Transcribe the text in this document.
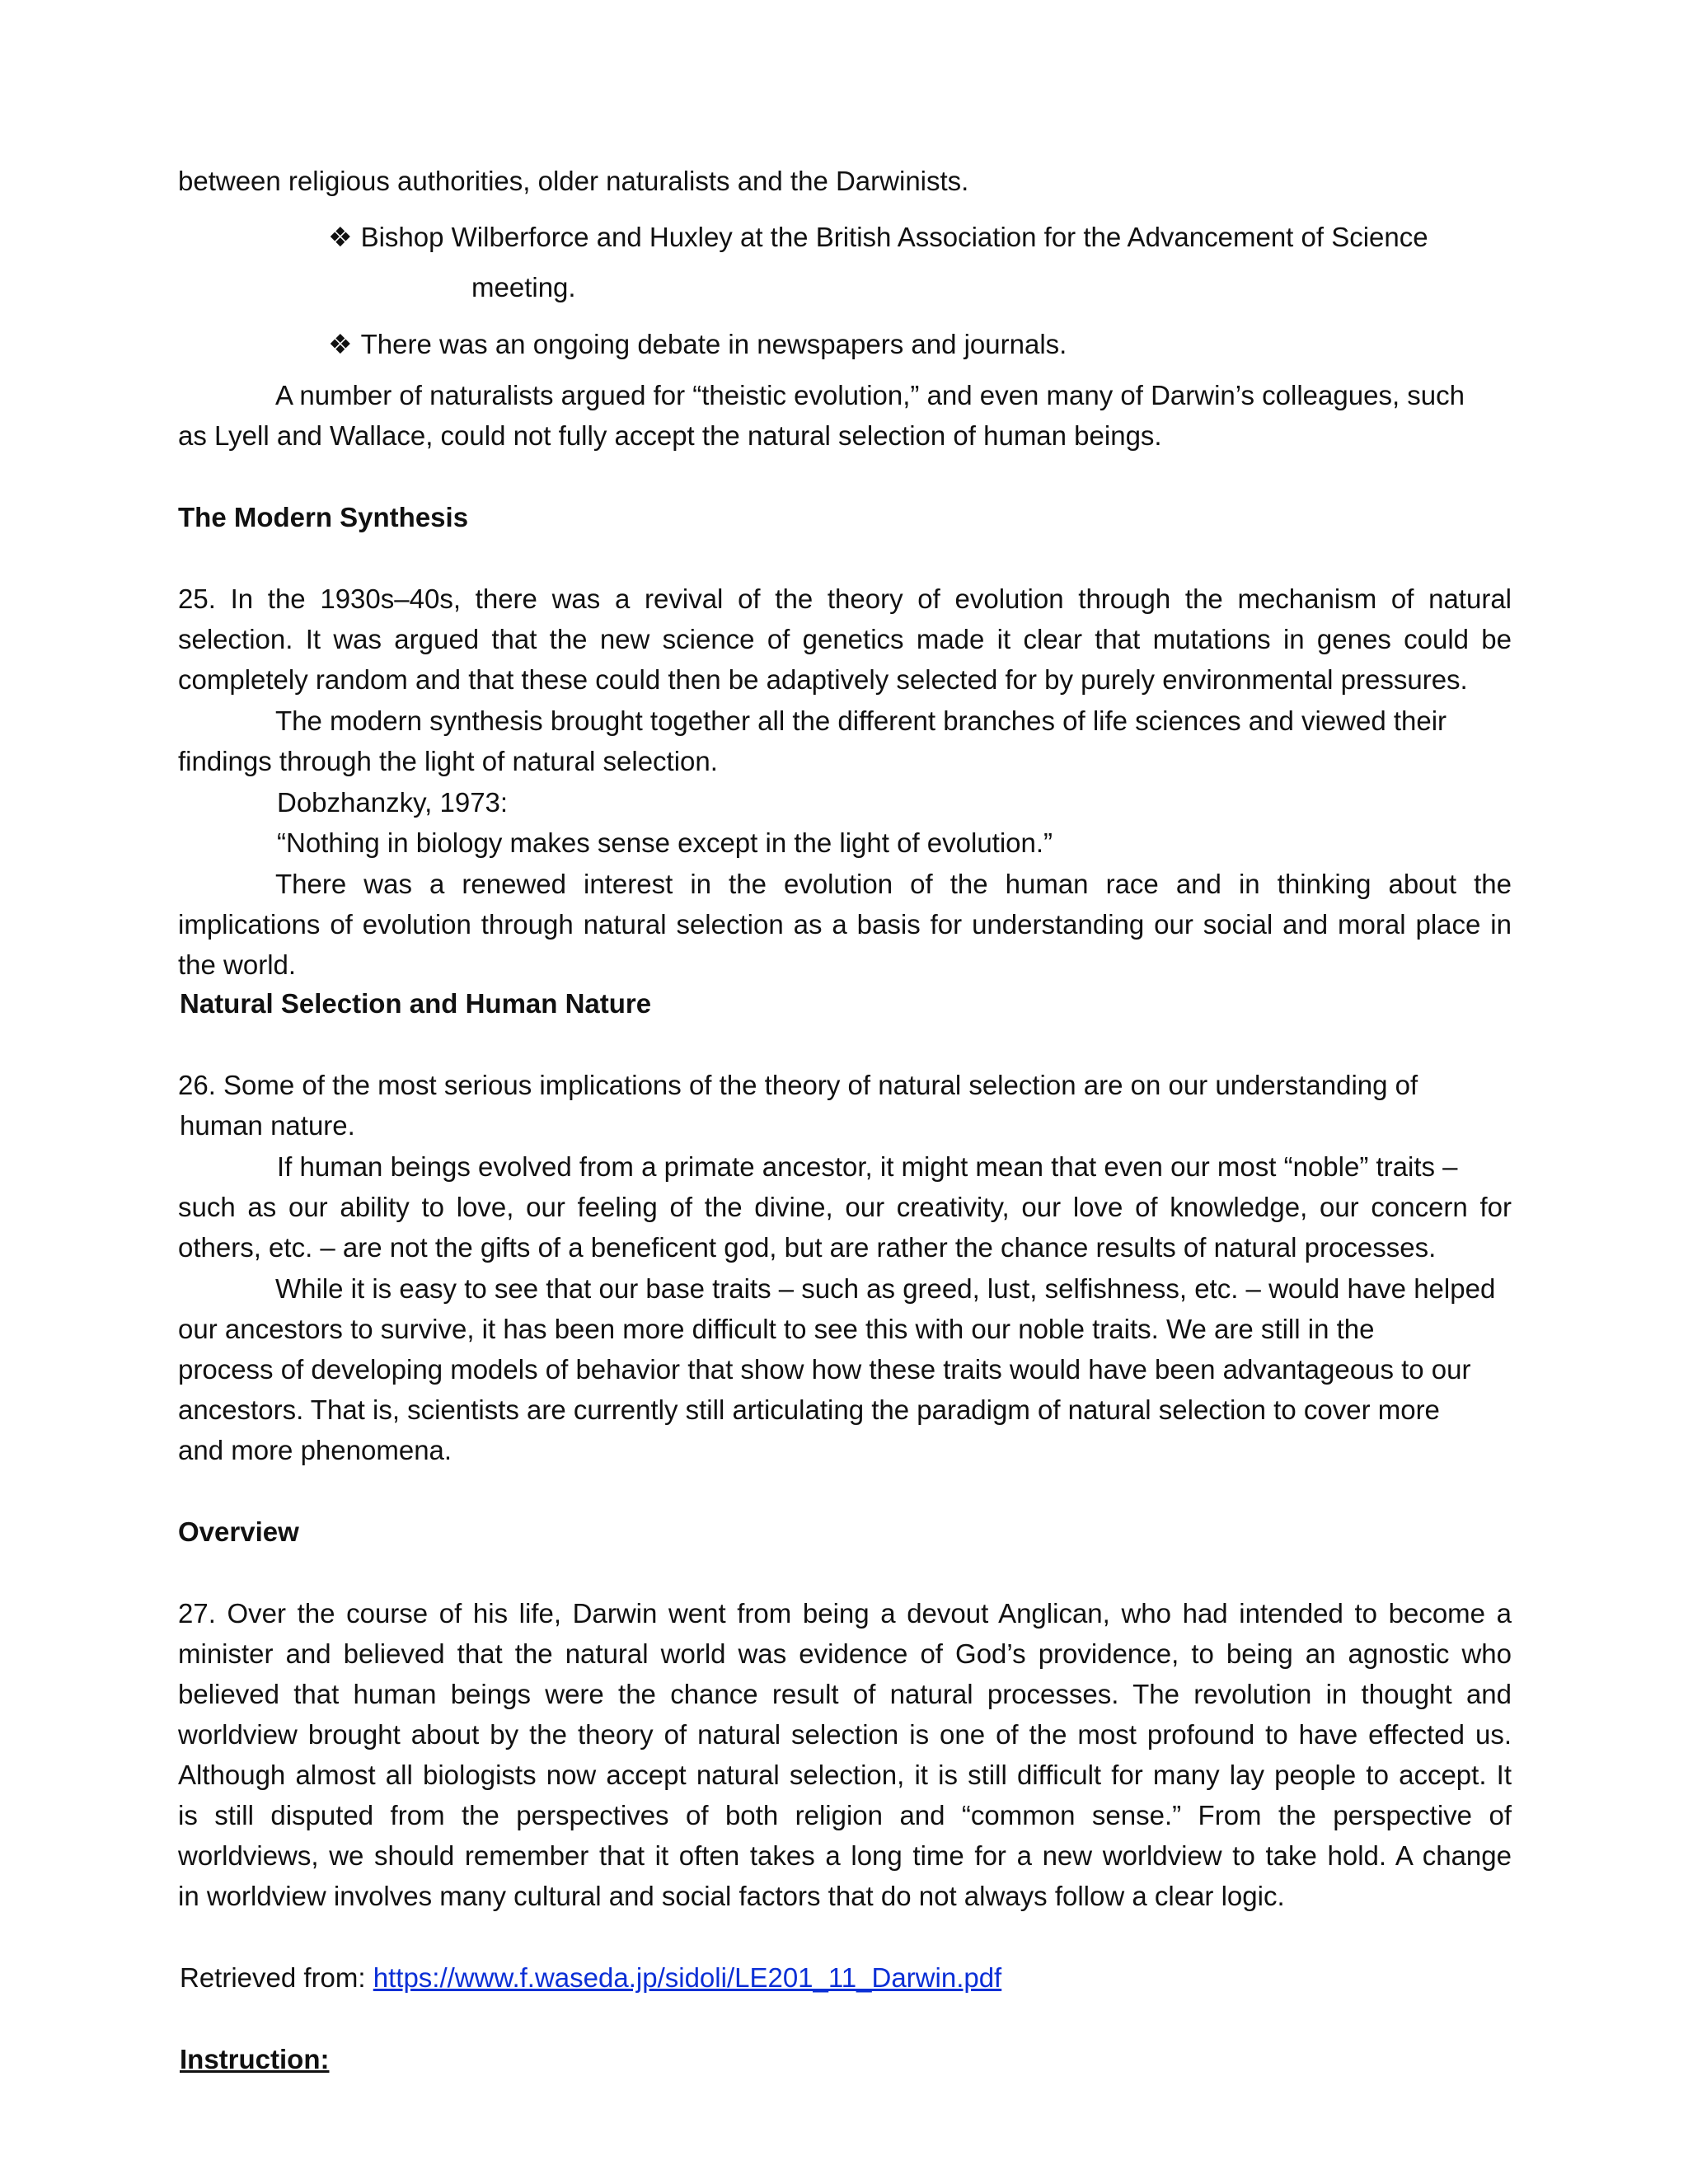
between religious authorities, older naturalists and the Darwinists.

❖ Bishop Wilberforce and Huxley at the British Association for the Advancement of Science

meeting.

❖ There was an ongoing debate in newspapers and journals.

A number of naturalists argued for “theistic evolution,” and even many of Darwin’s colleagues, such

as Lyell and Wallace, could not fully accept the natural selection of human beings.

The Modern Synthesis

25. In the 1930s–40s, there was a revival of the theory of evolution through the mechanism of natural

selection. It was argued that the new science of genetics made it clear that mutations in genes could be

completely random and that these could then be adaptively selected for by purely environmental pressures.

The modern synthesis brought together all the different branches of life sciences and viewed their

findings through the light of natural selection.

Dobzhanzky, 1973:

“Nothing in biology makes sense except in the light of evolution.”

There was a renewed interest in the evolution of the human race and in thinking about the

implications of evolution through natural selection as a basis for understanding our social and moral place in

the world.

Natural Selection and Human Nature

26. Some of the most serious implications of the theory of natural selection are on our understanding of

human nature.

If human beings evolved from a primate ancestor, it might mean that even our most “noble” traits –

such as our ability to love, our feeling of the divine, our creativity, our love of knowledge, our concern for

others, etc. – are not the gifts of a beneficent god, but are rather the chance results of natural processes.

While it is easy to see that our base traits – such as greed, lust, selfishness, etc. – would have helped

our ancestors to survive, it has been more difficult to see this with our noble traits. We are still in the

process of developing models of behavior that show how these traits would have been advantageous to our

ancestors. That is, scientists are currently still articulating the paradigm of natural selection to cover more

and more phenomena.

Overview

27. Over the course of his life, Darwin went from being a devout Anglican, who had intended to become a

minister and believed that the natural world was evidence of God’s providence, to being an agnostic who

believed that human beings were the chance result of natural processes. The revolution in thought and

worldview brought about by the theory of natural selection is one of the most profound to have effected us.

Although almost all biologists now accept natural selection, it is still difficult for many lay people to accept. It

is still disputed from the perspectives of both religion and “common sense.” From the perspective of

worldviews, we should remember that it often takes a long time for a new worldview to take hold. A change

in worldview involves many cultural and social factors that do not always follow a clear logic.

Retrieved from: https://www.f.waseda.jp/sidoli/LE201_11_Darwin.pdf

Instruction:
